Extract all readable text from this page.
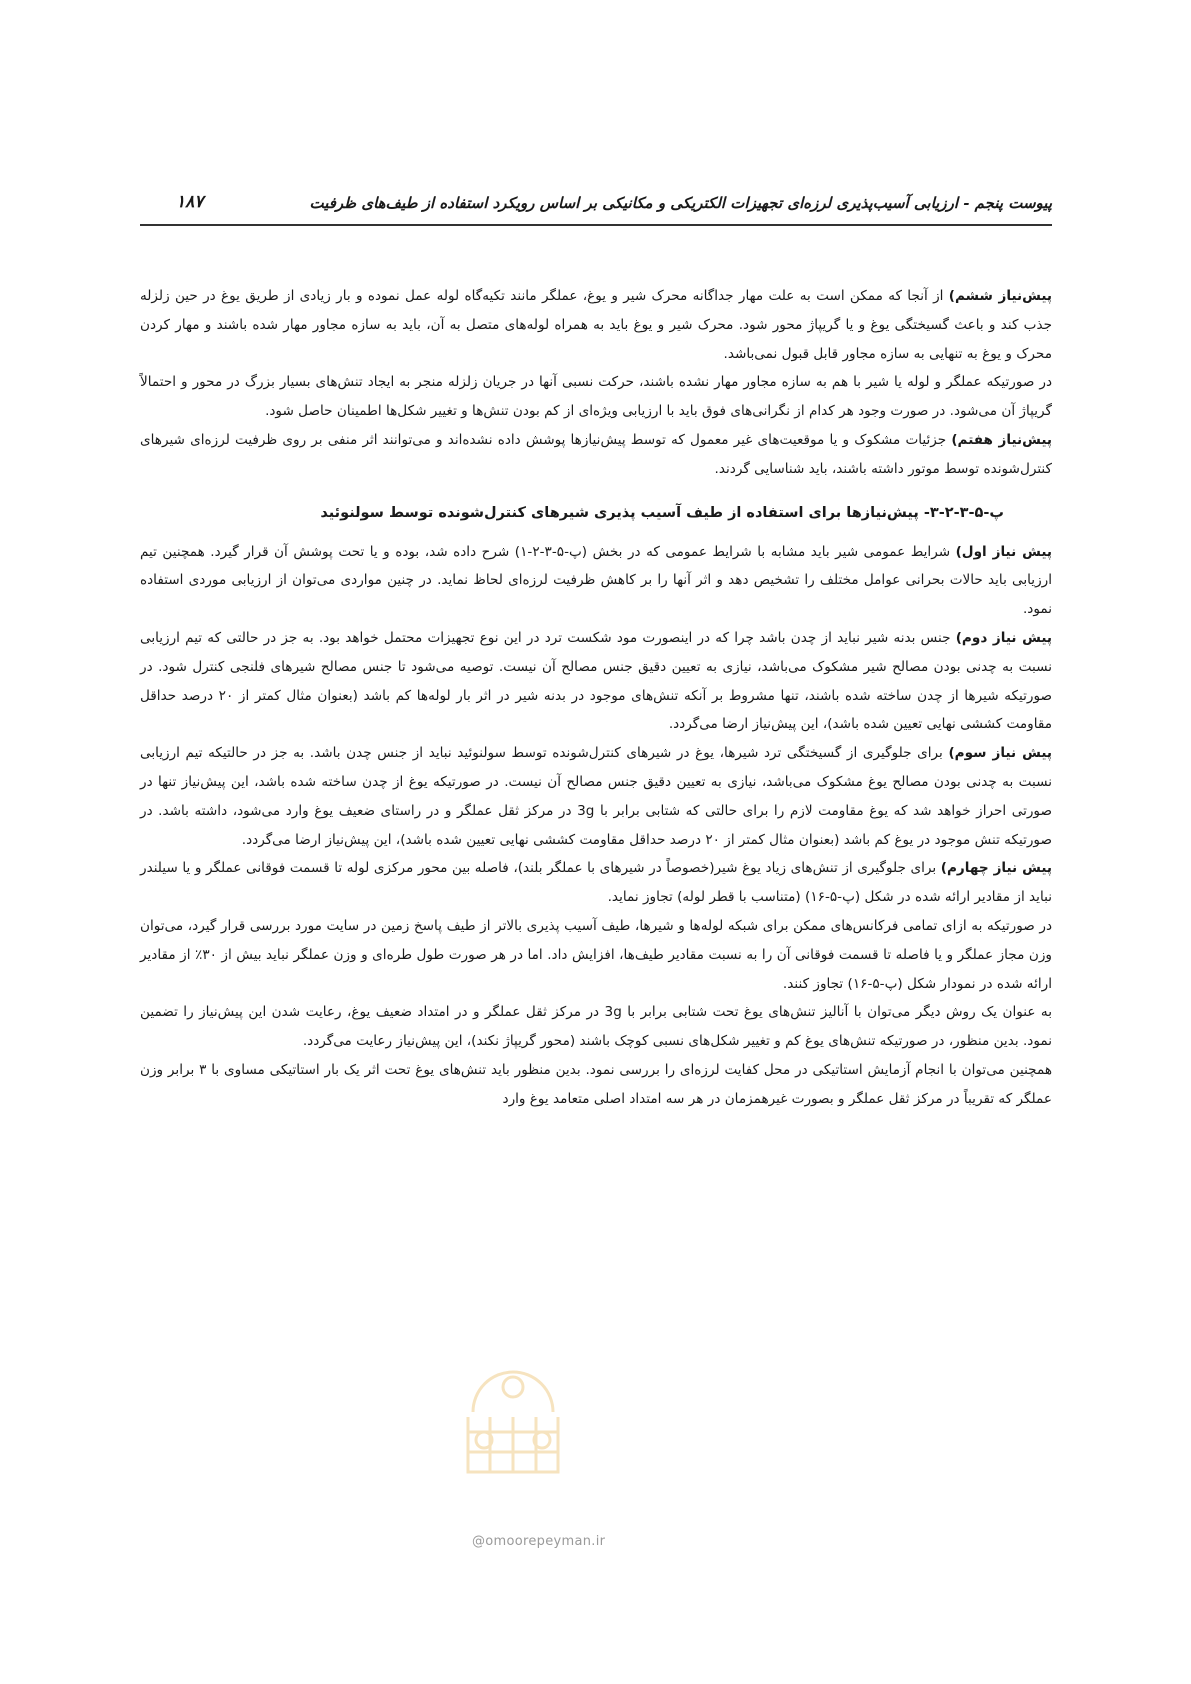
پیوست پنجم - ارزیابی آسیب‌پذیری لرزه‌ای تجهیزات الکتریکی و مکانیکی بر اساس رویکرد استفاده از طیف‌های ظرفیت
۱۸۷

پیش‌نیاز ششم) از آنجا که ممکن است به علت مهار جداگانه محرک شیر و یوغ، عملگر مانند تکیه‌گاه لوله عمل نموده و بار زیادی از طریق یوغ در حین زلزله جذب کند و باعث گسیختگی یوغ و یا گریپاژ محور شود. محرک شیر و یوغ باید به همراه لوله‌های متصل به آن، باید به سازه مجاور مهار شده باشند و مهار کردن محرک و یوغ به تنهایی به سازه مجاور قابل قبول نمی‌باشد.

در صورتیکه عملگر و لوله یا شیر با هم به سازه مجاور مهار نشده باشند، حرکت نسبی آنها در جریان زلزله منجر به ایجاد تنش‌های بسیار بزرگ در محور و احتمالاً گریپاژ آن می‌شود. در صورت وجود هر کدام از نگرانی‌های فوق باید با ارزیابی ویژه‌ای از کم بودن تنش‌ها و تغییر شکل‌ها اطمینان حاصل شود.

پیش‌نیاز هفتم) جزئیات مشکوک و یا موقعیت‌های غیر معمول که توسط پیش‌نیازها پوشش داده نشده‌اند و می‌توانند اثر منفی بر روی ظرفیت لرزه‌ای شیرهای کنترل‌شونده توسط موتور داشته باشند، باید شناسایی گردند.

پ-۵-۳-۲-۳- پیش‌نیازها برای استفاده از طیف آسیب پذیری شیرهای کنترل‌شونده توسط سولنوئید

پیش نیاز اول) شرایط عمومی شیر باید مشابه با شرایط عمومی که در بخش (پ-۵-۳-۲-۱) شرح داده شد، بوده و یا تحت پوشش آن قرار گیرد. همچنین تیم ارزیابی باید حالات بحرانی عوامل مختلف را تشخیص دهد و اثر آنها را بر کاهش ظرفیت لرزه‌ای لحاظ نماید. در چنین مواردی می‌توان از ارزیابی موردی استفاده نمود.

پیش نیاز دوم) جنس بدنه شیر نباید از چدن باشد چرا که در اینصورت مود شکست ترد در این نوع تجهیزات محتمل خواهد بود. به جز در حالتی که تیم ارزیابی نسبت به چدنی بودن مصالح شیر مشکوک می‌باشد، نیازی به تعیین دقیق جنس مصالح آن نیست. توصیه می‌شود تا جنس مصالح شیرهای فلنجی کنترل شود. در صورتیکه شیرها از چدن ساخته شده باشند، تنها مشروط بر آنکه تنش‌های موجود در بدنه شیر در اثر بار لوله‌ها کم باشد (بعنوان مثال کمتر از ۲۰ درصد حداقل مقاومت کششی نهایی تعیین شده باشد)، این پیش‌نیاز ارضا می‌گردد.

پیش نیاز سوم) برای جلوگیری از گسیختگی ترد شیرها، یوغ در شیرهای کنترل‌شونده توسط سولنوئید نباید از جنس چدن باشد. به جز در حالتیکه تیم ارزیابی نسبت به چدنی بودن مصالح یوغ مشکوک می‌باشد، نیازی به تعیین دقیق جنس مصالح آن نیست. در صورتیکه یوغ از چدن ساخته شده باشد، این پیش‌نیاز تنها در صورتی احراز خواهد شد که یوغ مقاومت لازم را برای حالتی که شتابی برابر با 3g در مرکز ثقل عملگر و در راستای ضعیف یوغ وارد می‌شود، داشته باشد. در صورتیکه تنش موجود در یوغ کم باشد (بعنوان مثال کمتر از ۲۰ درصد حداقل مقاومت کششی نهایی تعیین شده باشد)، این پیش‌نیاز ارضا می‌گردد.

پیش نیاز چهارم) برای جلوگیری از تنش‌های زیاد یوغ شیر(خصوصاً در شیرهای با عملگر بلند)، فاصله بین محور مرکزی لوله تا قسمت فوقانی عملگر و یا سیلندر نباید از مقادیر ارائه شده در شکل (پ-۵-۱۶) (متناسب با قطر لوله) تجاوز نماید.

در صورتیکه به ازای تمامی فرکانس‌های ممکن برای شبکه لوله‌ها و شیرها، طیف آسیب پذیری بالاتر از طیف پاسخ زمین در سایت مورد بررسی قرار گیرد، می‌توان وزن مجاز عملگر و یا فاصله تا قسمت فوقانی آن را به نسبت مقادیر طیف‌ها، افزایش داد. اما در هر صورت طول طره‌ای و وزن عملگر نباید بیش از ۳۰٪ از مقادیر ارائه شده در نمودار شکل (پ-۵-۱۶) تجاوز کنند.

به عنوان یک روش دیگر می‌توان با آنالیز تنش‌های یوغ تحت شتابی برابر با 3g در مرکز ثقل عملگر و در امتداد ضعیف یوغ، رعایت شدن این پیش‌نیاز را تضمین نمود. بدین منظور، در صورتیکه تنش‌های یوغ کم و تغییر شکل‌های نسبی کوچک باشند (محور گریپاژ نکند)، این پیش‌نیاز رعایت می‌گردد.

همچنین می‌توان با انجام آزمایش استاتیکی در محل کفایت لرزه‌ای را بررسی نمود. بدین منظور باید تنش‌های یوغ تحت اثر یک بار استاتیکی مساوی با ۳ برابر وزن عملگر که تقریباً در مرکز ثقل عملگر و بصورت غیرهمزمان در هر سه امتداد اصلی متعامد یوغ وارد

@omoorepeyman.ir
